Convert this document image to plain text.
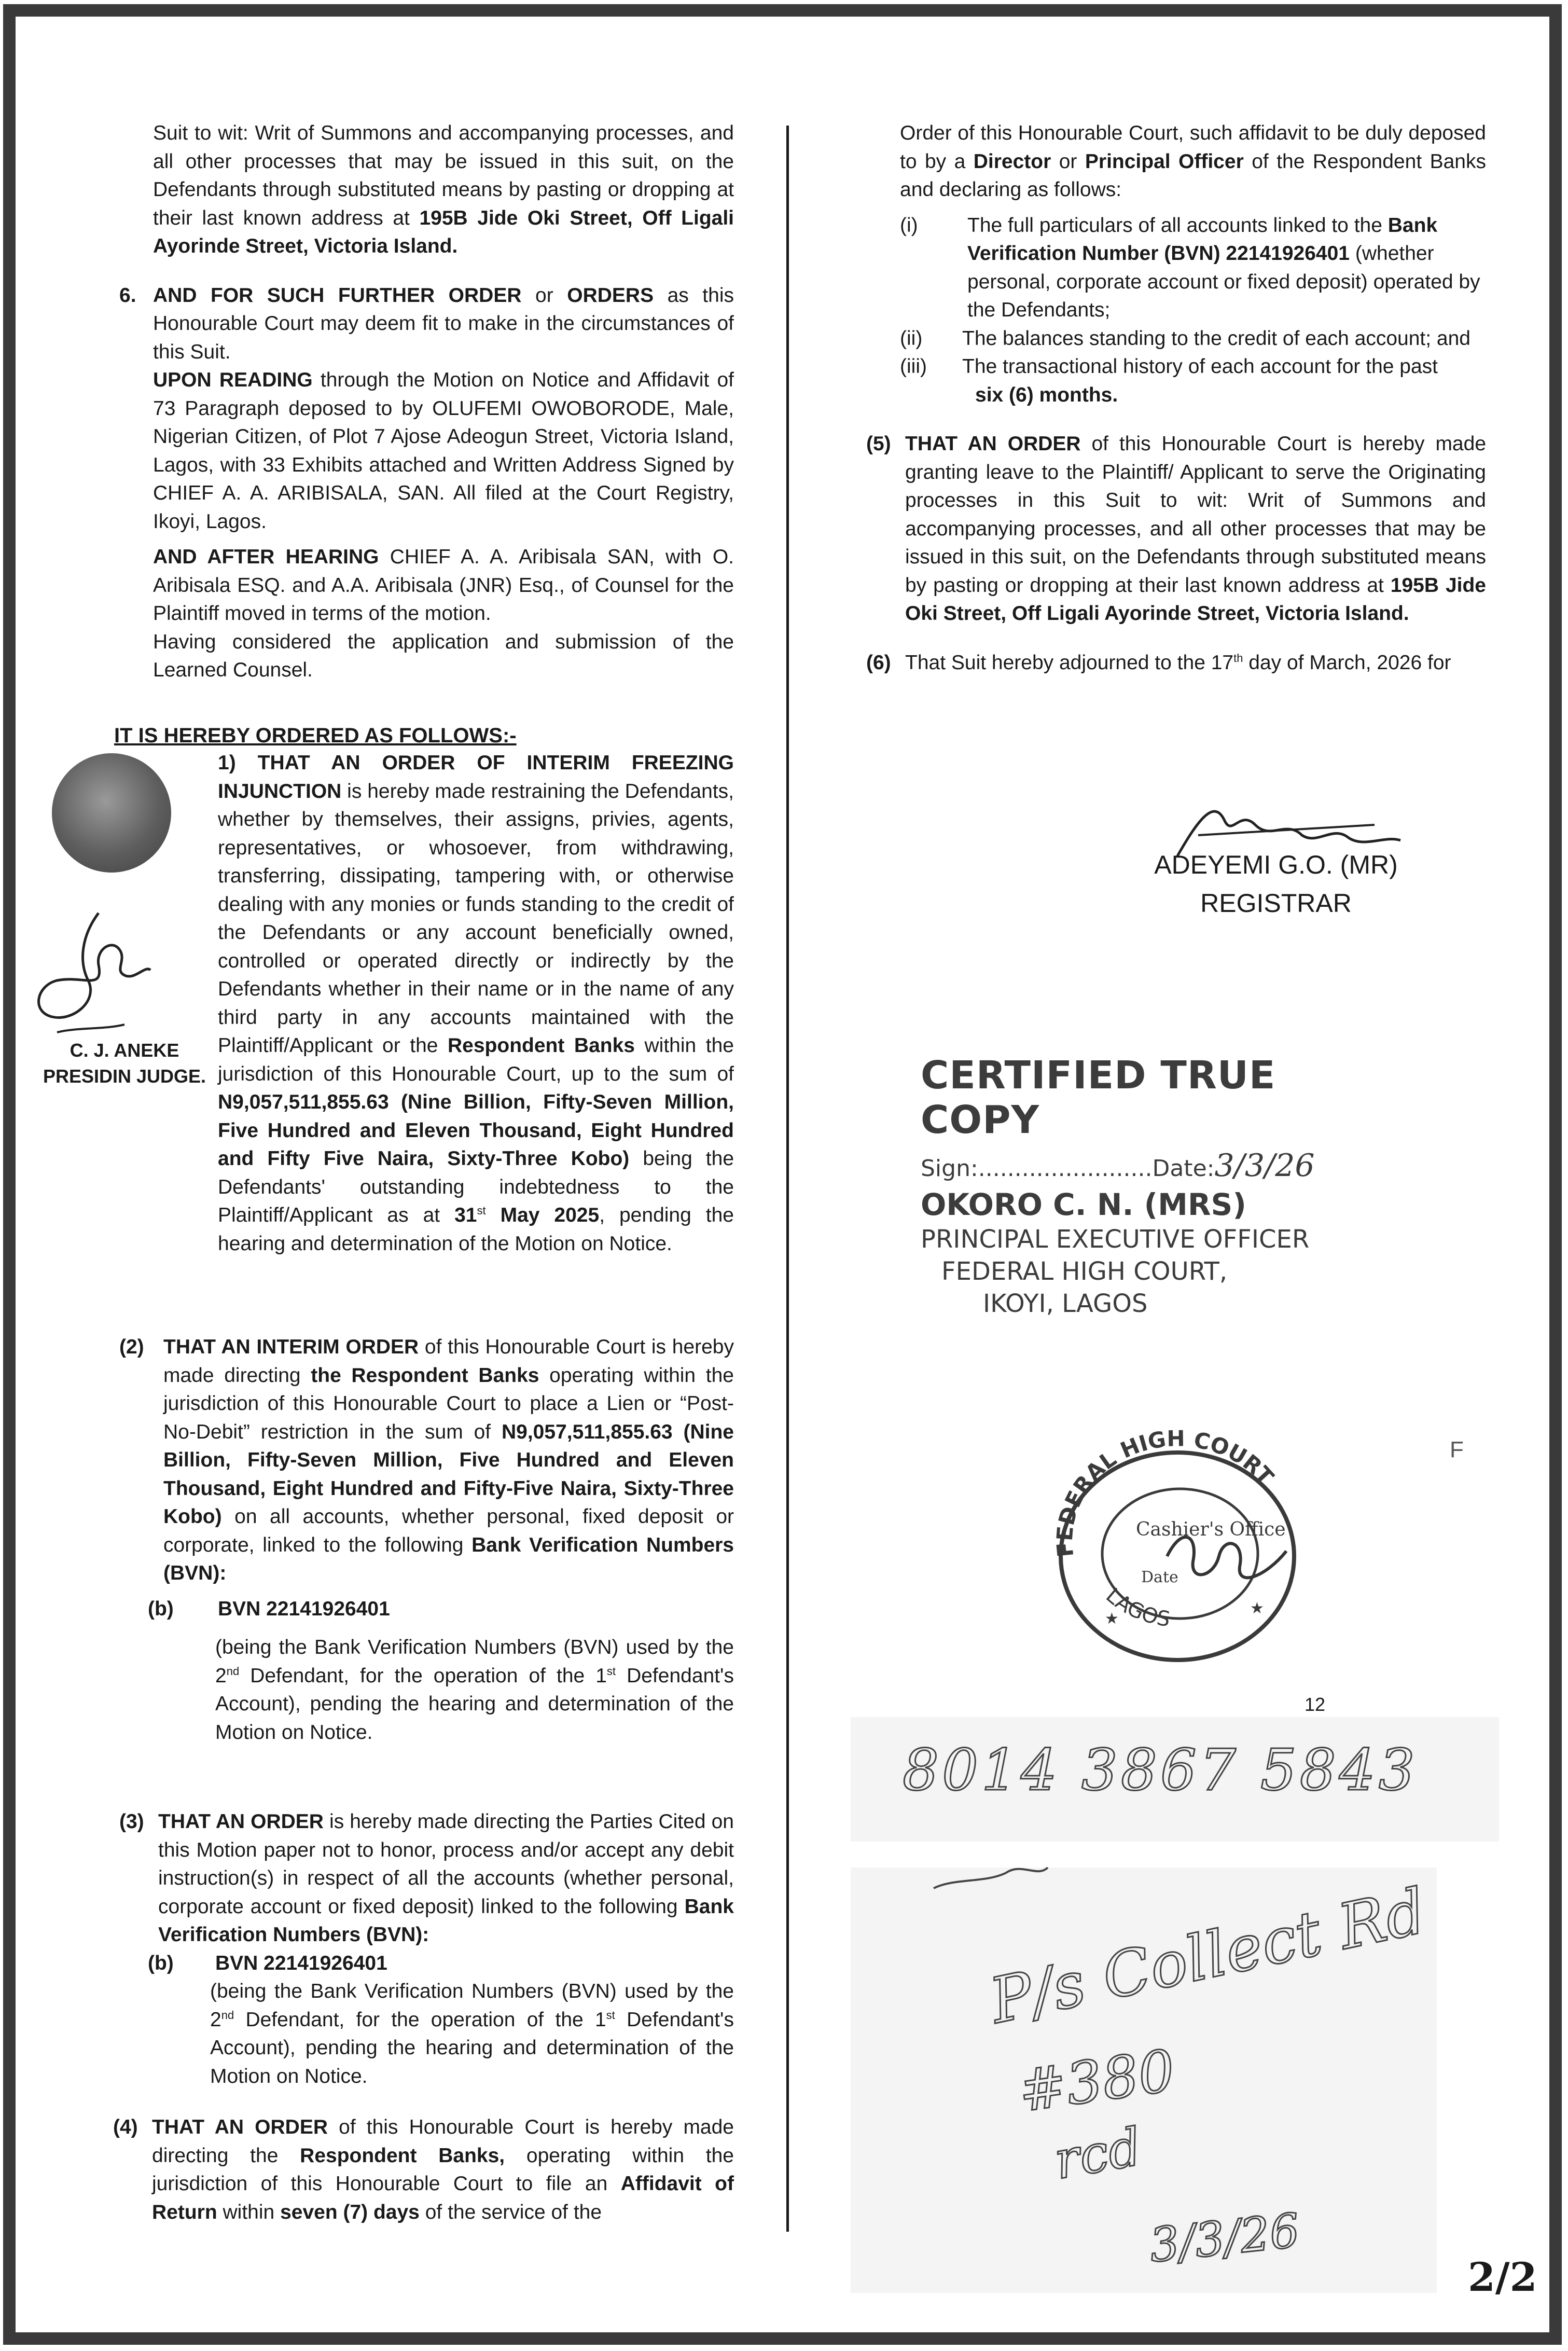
Suit to wit: Writ of Summons and accompanying processes, and all other processes that may be issued in this suit, on the Defendants through substituted means by pasting or dropping at their last known address at 195B Jide Oki Street, Off Ligali Ayorinde Street, Victoria Island.

6. AND FOR SUCH FURTHER ORDER or ORDERS as this Honourable Court may deem fit to make in the circumstances of this Suit.

UPON READING through the Motion on Notice and Affidavit of 73 Paragraph deposed to by OLUFEMI OWOBORODE, Male, Nigerian Citizen, of Plot 7 Ajose Adeogun Street, Victoria Island, Lagos, with 33 Exhibits attached and Written Address Signed by CHIEF A. A. ARIBISALA, SAN. All filed at the Court Registry, Ikoyi, Lagos.

AND AFTER HEARING CHIEF A. A. Aribisala SAN, with O. Aribisala ESQ. and A.A. Aribisala (JNR) Esq., of Counsel for the Plaintiff moved in terms of the motion.

Having considered the application and submission of the Learned Counsel.

IT IS HEREBY ORDERED AS FOLLOWS:-
C. J. ANEKE
PRESIDIN JUDGE.
1) THAT AN ORDER OF INTERIM FREEZING INJUNCTION is hereby made restraining the Defendants, whether by themselves, their assigns, privies, agents, representatives, or whosoever, from withdrawing, transferring, dissipating, tampering with, or otherwise dealing with any monies or funds standing to the credit of the Defendants or any account beneficially owned, controlled or operated directly or indirectly by the Defendants whether in their name or in the name of any third party in any accounts maintained with the Plaintiff/Applicant or the Respondent Banks within the jurisdiction of this Honourable Court, up to the sum of N9,057,511,855.63 (Nine Billion, Fifty-Seven Million, Five Hundred and Eleven Thousand, Eight Hundred and Fifty Five Naira, Sixty-Three Kobo) being the Defendants' outstanding indebtedness to the Plaintiff/Applicant as at 31st May 2025, pending the hearing and determination of the Motion on Notice.
(2) THAT AN INTERIM ORDER of this Honourable Court is hereby made directing the Respondent Banks operating within the jurisdiction of this Honourable Court to place a Lien or “Post-No-Debit” restriction in the sum of N9,057,511,855.63 (Nine Billion, Fifty-Seven Million, Five Hundred and Eleven Thousand, Eight Hundred and Fifty-Five Naira, Sixty-Three Kobo) on all accounts, whether personal, fixed deposit or corporate, linked to the following Bank Verification Numbers (BVN):
(b)	BVN 22141926401

(being the Bank Verification Numbers (BVN) used by the 2nd Defendant, for the operation of the 1st Defendant's Account), pending the hearing and determination of the Motion on Notice.

(3) THAT AN ORDER is hereby made directing the Parties Cited on this Motion paper not to honor, process and/or accept any debit instruction(s) in respect of all the accounts (whether personal, corporate account or fixed deposit) linked to the following Bank Verification Numbers (BVN):
(b)	BVN 22141926401

(being the Bank Verification Numbers (BVN) used by the 2nd Defendant, for the operation of the 1st Defendant's Account), pending the hearing and determination of the Motion on Notice.

(4) THAT AN ORDER of this Honourable Court is hereby made directing the Respondent Banks, operating within the jurisdiction of this Honourable Court to file an Affidavit of Return within seven (7) days of the service of the

Order of this Honourable Court, such affidavit to be duly deposed to by a Director or Principal Officer of the Respondent Banks and declaring as follows:

(i)	The full particulars of all accounts linked to the Bank Verification Number (BVN) 22141926401 (whether personal, corporate account or fixed deposit) operated by the Defendants;
(ii)	The balances standing to the credit of each account; and
(iii)	The transactional history of each account for the past

six (6) months.

(5) THAT AN ORDER of this Honourable Court is hereby made granting leave to the Plaintiff/ Applicant to serve the Originating processes in this Suit to wit: Writ of Summons and accompanying processes, and all other processes that may be issued in this suit, on the Defendants through substituted means by pasting or dropping at their last known address at 195B Jide Oki Street, Off Ligali Ayorinde Street, Victoria Island.
(6) That Suit hereby adjourned to the 17th day of March, 2026 for
ADEYEMI G.O. (MR)
REGISTRAR
CERTIFIED TRUE COPY
Sign:........................Date:3/3/26
OKORO C. N. (MRS)
PRINCIPAL EXECUTIVE OFFICER
FEDERAL HIGH COURT,
IKOYI, LAGOS
FEDERAL HIGH COURT
LAGOS
Cashier's Office
Date
★
★
F
12
8014 3867 5843
P/s Collect Rd
#380
rcd
3/3/26
2/2
